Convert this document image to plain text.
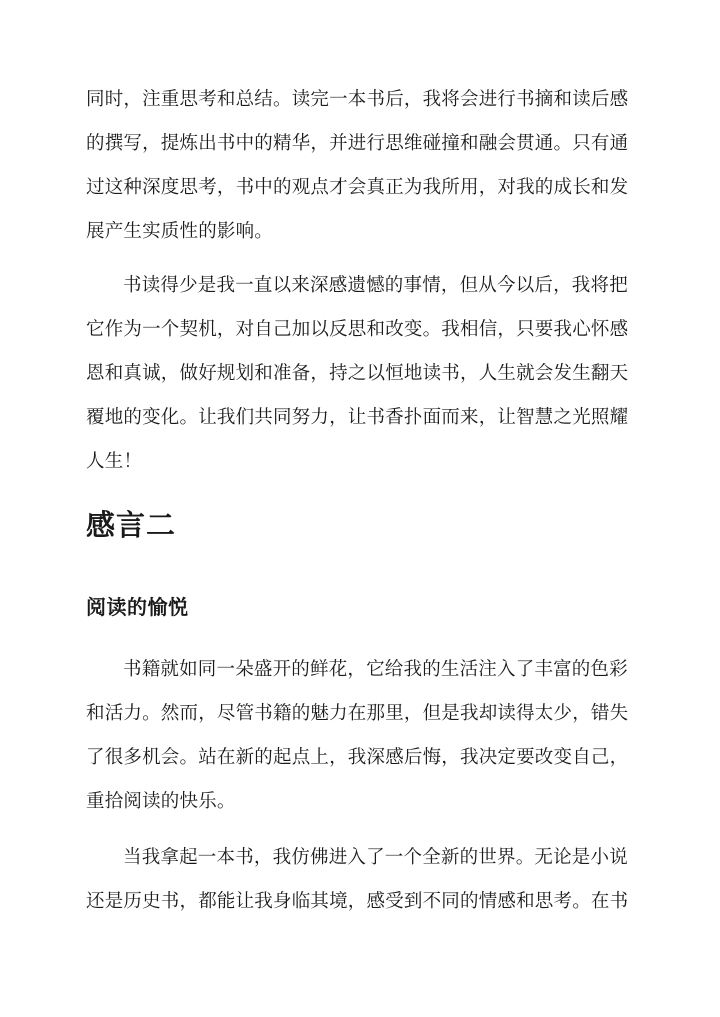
同时，注重思考和总结。读完一本书后，我将会进行书摘和读后感
的撰写，提炼出书中的精华，并进行思维碰撞和融会贯通。只有通
过这种深度思考，书中的观点才会真正为我所用，对我的成长和发
展产生实质性的影响。
书读得少是我一直以来深感遗憾的事情，但从今以后，我将把
它作为一个契机，对自己加以反思和改变。我相信，只要我心怀感
恩和真诚，做好规划和准备，持之以恒地读书，人生就会发生翻天
覆地的变化。让我们共同努力，让书香扑面而来，让智慧之光照耀
人生！
感言二
阅读的愉悦
书籍就如同一朵盛开的鲜花，它给我的生活注入了丰富的色彩
和活力。然而，尽管书籍的魅力在那里，但是我却读得太少，错失
了很多机会。站在新的起点上，我深感后悔，我决定要改变自己，
重拾阅读的快乐。
当我拿起一本书，我仿佛进入了一个全新的世界。无论是小说
还是历史书，都能让我身临其境，感受到不同的情感和思考。在书
